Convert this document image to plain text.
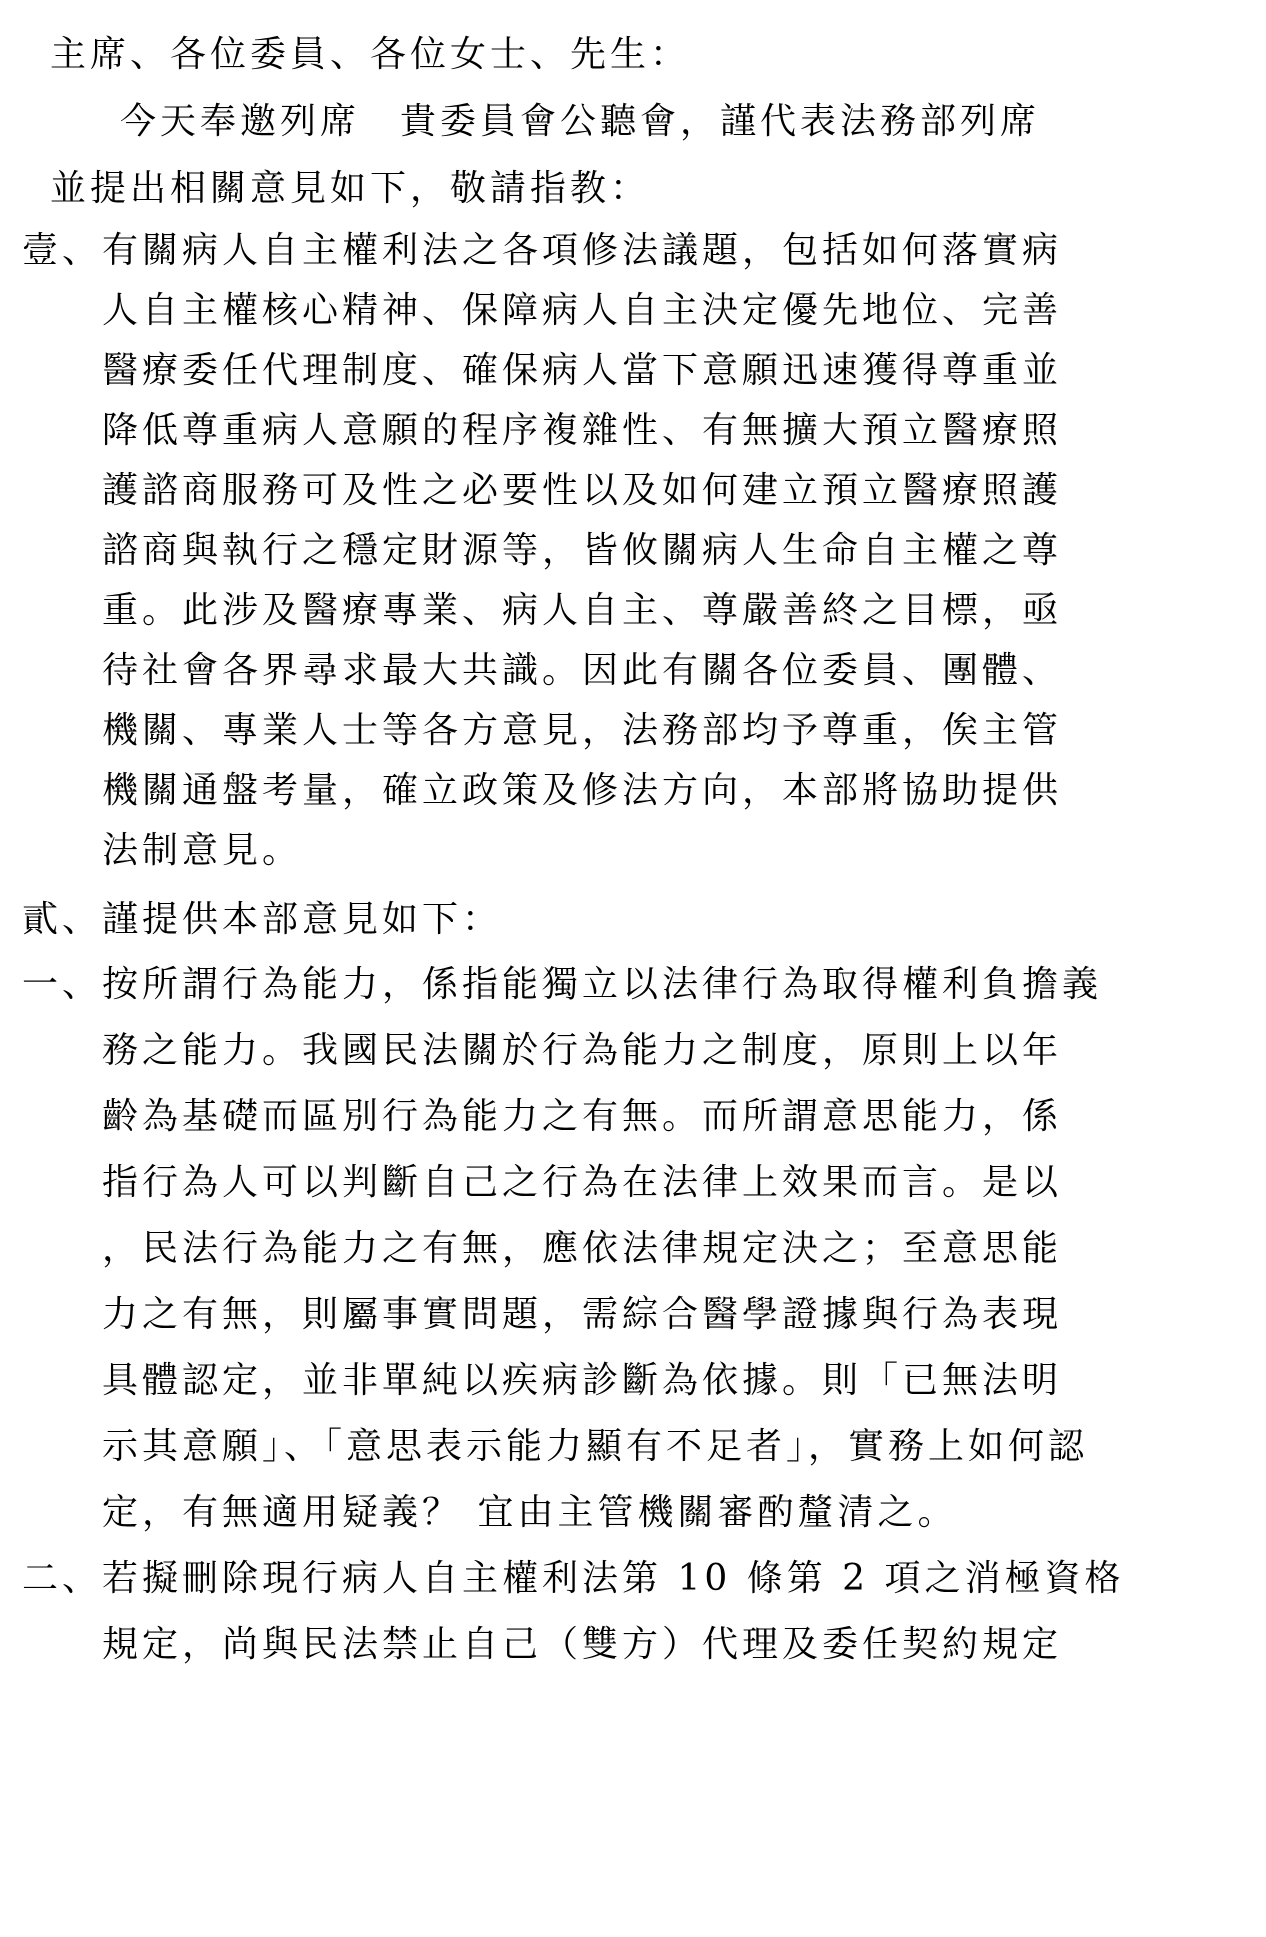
主席、各位委員、各位女士、先生：
今天奉邀列席　貴委員會公聽會，謹代表法務部列席
並提出相關意見如下，敬請指教：
壹、 有關病人自主權利法之各項修法議題，包括如何落實病
人自主權核心精神、保障病人自主決定優先地位、完善
醫療委任代理制度、確保病人當下意願迅速獲得尊重並
降低尊重病人意願的程序複雜性、有無擴大預立醫療照
護諮商服務可及性之必要性以及如何建立預立醫療照護
諮商與執行之穩定財源等，皆攸關病人生命自主權之尊
重。此涉及醫療專業、病人自主、尊嚴善終之目標，亟
待社會各界尋求最大共識。因此有關各位委員、團體、
機關、專業人士等各方意見，法務部均予尊重，俟主管
機關通盤考量，確立政策及修法方向，本部將協助提供
法制意見。
貳、 謹提供本部意見如下：
一、 按所謂行為能力，係指能獨立以法律行為取得權利負擔義
務之能力。我國民法關於行為能力之制度，原則上以年
齡為基礎而區別行為能力之有無。而所謂意思能力，係
指行為人可以判斷自己之行為在法律上效果而言。是以
，民法行為能力之有無，應依法律規定決之；至意思能
力之有無，則屬事實問題，需綜合醫學證據與行為表現
具體認定，並非單純以疾病診斷為依據。則「已無法明
示其意願」、「意思表示能力顯有不足者」，實務上如何認
定，有無適用疑義？ 宜由主管機關審酌釐清之。
二、 若擬刪除現行病人自主權利法第 10 條第 2 項之消極資格
規定，尚與民法禁止自己（雙方）代理及委任契約規定
